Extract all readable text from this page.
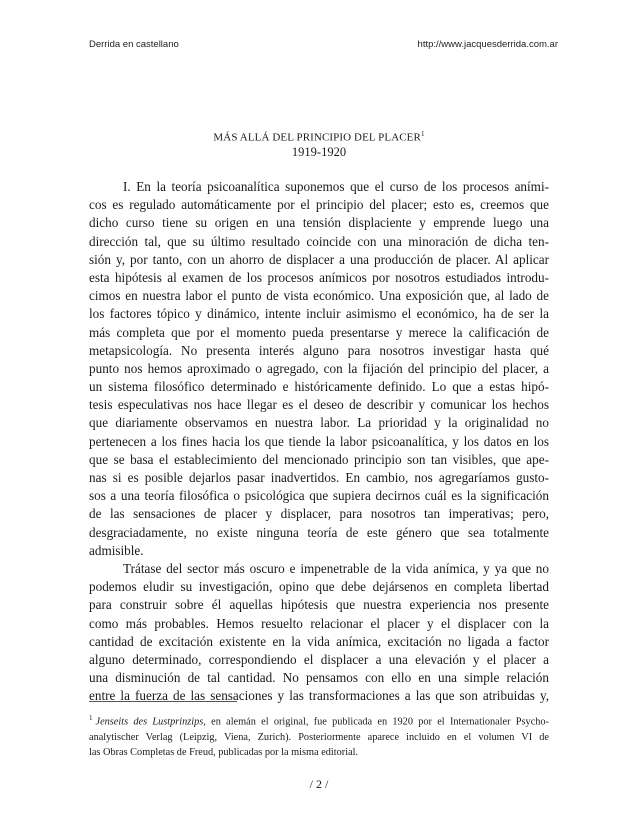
Derrida en castellano	http://www.jacquesderrida.com.ar
MÁS ALLÁ DEL PRINCIPIO DEL PLACER$^1$
1919-1920
I. En la teoría psicoanalítica suponemos que el curso de los procesos aními-
cos es regulado automáticamente por el principio del placer; esto es, creemos que
dicho curso tiene su origen en una tensión displaciente y emprende luego una
dirección tal, que su último resultado coincide con una minoración de dicha ten-
sión y, por tanto, con un ahorro de displacer a una producción de placer. Al aplicar
esta hipótesis al examen de los procesos anímicos por nosotros estudiados introdu-
cimos en nuestra labor el punto de vista económico. Una exposición que, al lado de
los factores tópico y dinámico, intente incluir asimismo el económico, ha de ser la
más completa que por el momento pueda presentarse y merece la calificación de
metapsicología. No presenta interés alguno para nosotros investigar hasta qué
punto nos hemos aproximado o agregado, con la fijación del principio del placer, a
un sistema filosófico determinado e históricamente definido. Lo que a estas hipó-
tesis especulativas nos hace llegar es el deseo de describir y comunicar los hechos
que diariamente observamos en nuestra labor. La prioridad y la originalidad no
pertenecen a los fines hacia los que tiende la labor psicoanalítica, y los datos en los
que se basa el establecimiento del mencionado principio son tan visibles, que ape-
nas si es posible dejarlos pasar inadvertidos. En cambio, nos agregaríamos gusto-
sos a una teoría filosófica o psicológica que supiera decirnos cuál es la significación
de las sensaciones de placer y displacer, para nosotros tan imperativas; pero,
desgraciadamente, no existe ninguna teoría de este género que sea totalmente
admisible.
Trátase del sector más oscuro e impenetrable de la vida anímica, y ya que no
podemos eludir su investigación, opino que debe dejársenos en completa libertad
para construir sobre él aquellas hipótesis que nuestra experiencia nos presente
como más probables. Hemos resuelto relacionar el placer y el displacer con la
cantidad de excitación existente en la vida anímica, excitación no ligada a factor
alguno determinado, correspondiendo el displacer a una elevación y el placer a
una disminución de tal cantidad. No pensamos con ello en una simple relación
entre la fuerza de las sensaciones y las transformaciones a las que son atribuidas y,
$^1$ Jenseits des Lustprinzips, en alemán el original, fue publicada en 1920 por el Internationaler Psycho-
analytischer Verlag (Leipzig, Viena, Zurich). Posteriormente aparece incluido en el volumen VI de
las Obras Completas de Freud, publicadas por la misma editorial.
/ 2 /
